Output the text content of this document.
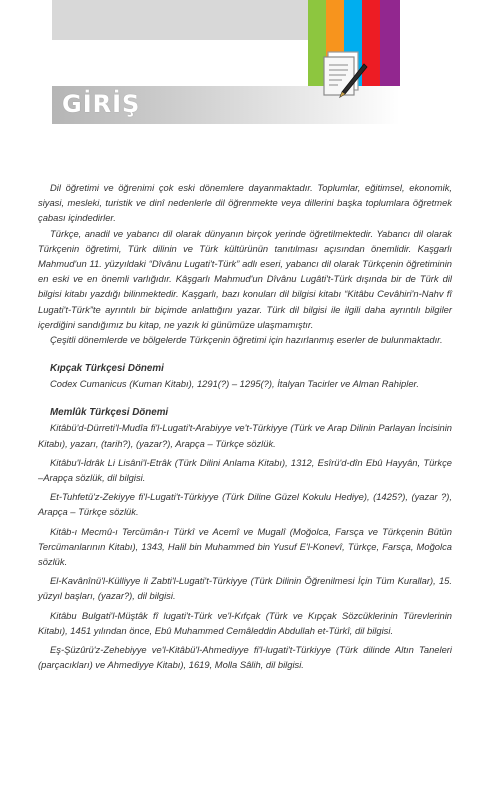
GİRİŞ

Dil öğretimi ve öğrenimi çok eski dönemlere dayanmaktadır. Toplumlar, eğitimsel, ekonomik, siyasi, mesleki, turistik ve dinî nedenlerle dil öğrenmekte veya dillerini başka toplumlara öğretmek çabası içindedirler.

Türkçe, anadil ve yabancı dil olarak dünyanın birçok yerinde öğretilmektedir. Yabancı dil olarak Türkçenin öğretimi, Türk dilinin ve Türk kültürünün tanıtılması açısından önemlidir. Kaşgarlı Mahmud'un 11. yüzyıldaki “Dîvânu Lugati't-Türk” adlı eseri, yabancı dil olarak Türkçenin öğretiminin en eski ve en önemli varlığıdır. Kâşgarlı Mahmud'un Dîvânu Lugâti't-Türk dışında bir de Türk dil bilgisi kitabı yazdığı bilinmektedir. Kaşgarlı, bazı konuları dil bilgisi kitabı “Kitâbu Cevâhiri'n-Nahv fî Lugati't-Türk”te ayrıntılı bir biçimde anlattığını yazar. Türk dil bilgisi ile ilgili daha ayrıntılı bilgiler içerdiğini sandığımız bu kitap, ne yazık ki günümüze ulaşmamıştır.

Çeşitli dönemlerde ve bölgelerde Türkçenin öğretimi için hazırlanmış eserler de bulunmaktadır.

Kıpçak Türkçesi Dönemi

Codex Cumanicus (Kuman Kitabı), 1291(?) – 1295(?), İtalyan Tacirler ve Alman Rahipler.

Memlûk Türkçesi Dönemi

Kitâbü'd-Dürreti'l-Mudîa fi'l-Lugati't-Arabiyye ve't-Türkiyye (Türk ve Arap Dilinin Parlayan İncisinin Kitabı), yazarı, (tarih?), (yazar?), Arapça – Türkçe sözlük.

Kitâbu'l-İdrâk Li Lisâni'l-Etrâk (Türk Dilini Anlama Kitabı), 1312, Esîrü'd-dîn Ebû Hayyân, Türkçe –Arapça sözlük, dil bilgisi.

Et-Tuhfetü'z-Zekiyye fi'l-Lugati't-Türkiyye (Türk Diline Güzel Kokulu Hediye), (1425?), (yazar ?), Arapça – Türkçe sözlük.

Kitâb-ı Mecmû-ı Tercümân-ı Türkî ve Acemî ve Mugalî (Moğolca, Farsça ve Türkçenin Bütün Tercümanlarının Kitabı), 1343, Halil bin Muhammed bin Yusuf E'l-Konevî, Türkçe, Farsça, Moğolca sözlük.

El-Kavânînü'l-Külliyye li Zabti'l-Lugati't-Türkiyye (Türk Dilinin Öğrenilmesi İçin Tüm Kurallar), 15. yüzyıl başları, (yazar?), dil bilgisi.

Kitâbu Bulgati'l-Müştâk fî lugati't-Türk ve'l-Kıfçak (Türk ve Kıpçak Sözcüklerinin Türevlerinin Kitabı), 1451 yılından önce, Ebû Muhammed Cemâleddin Abdullah et-Türkî, dil bilgisi.

Eş-Şüzûrü'z-Zehebiyye ve'l-Kitâbü'l-Ahmediyye fi'l-lugati't-Türkiyye (Türk dilinde Altın Taneleri (parçacıkları) ve Ahmediyye Kitabı), 1619, Molla Sâlih, dil bilgisi.
